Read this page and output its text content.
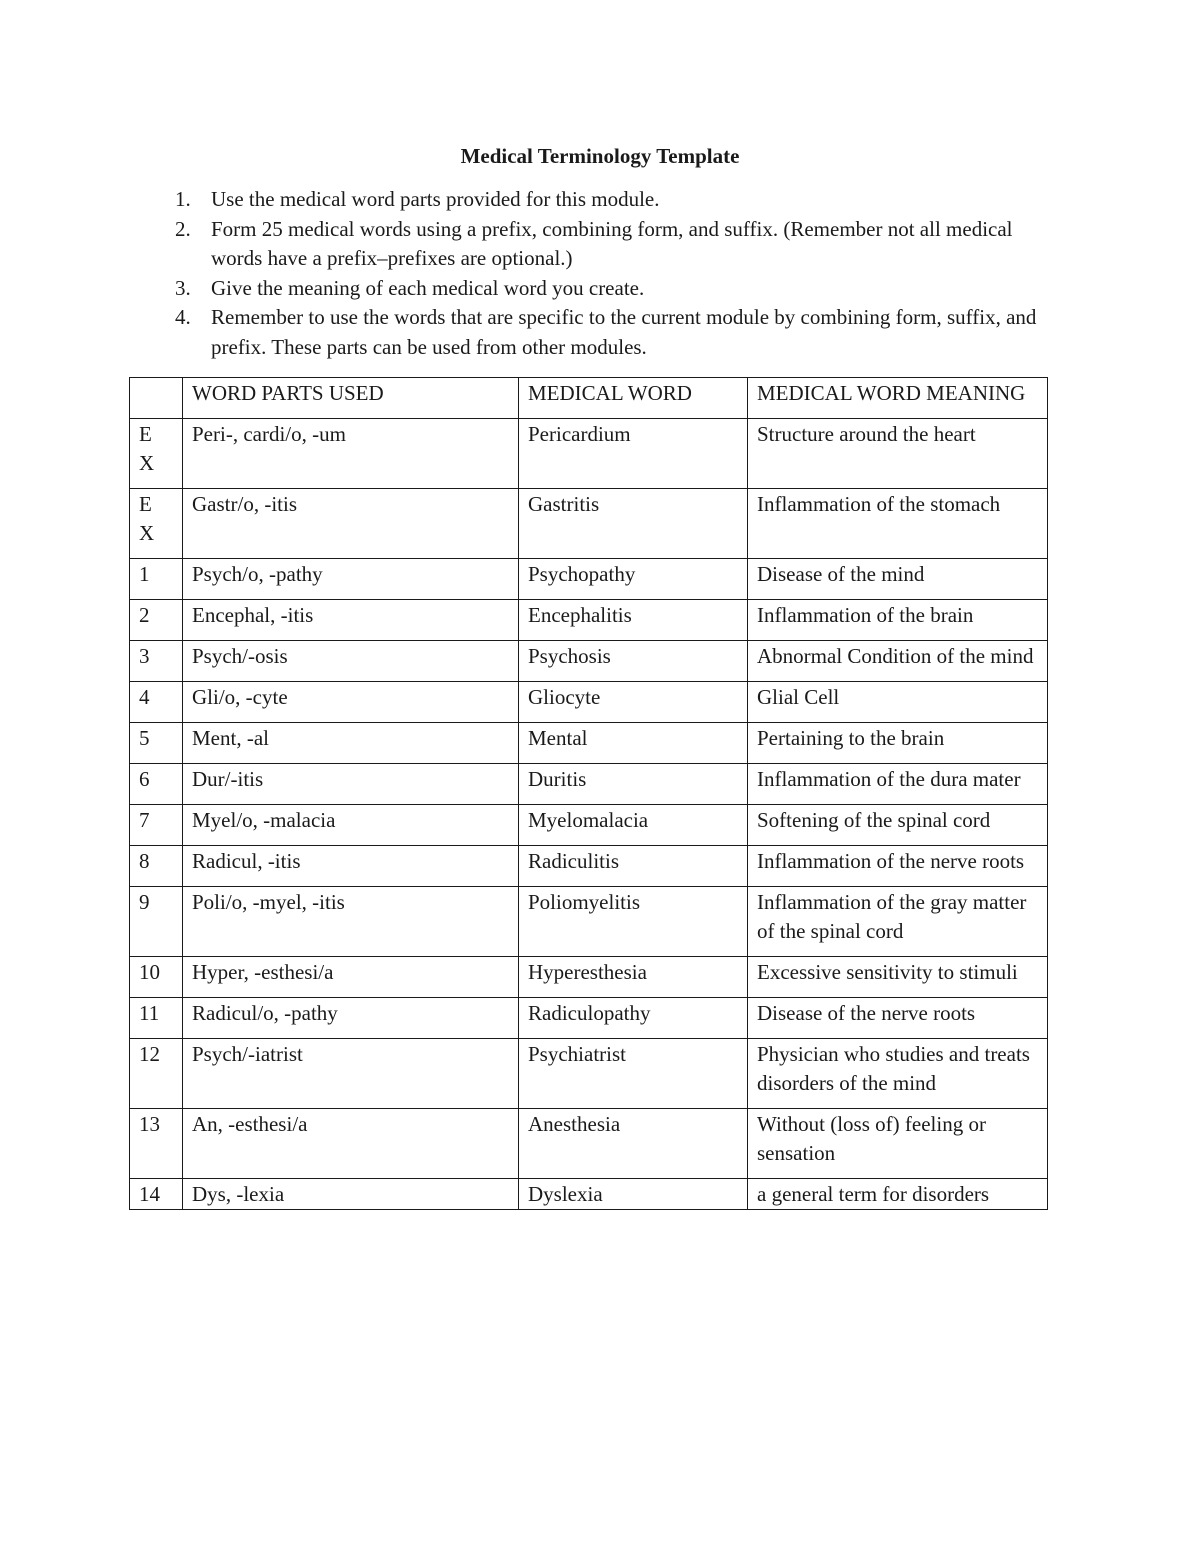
Medical Terminology Template
1. Use the medical word parts provided for this module.
2. Form 25 medical words using a prefix, combining form, and suffix. (Remember not all medical words have a prefix–prefixes are optional.)
3. Give the meaning of each medical word you create.
4. Remember to use the words that are specific to the current module by combining form, suffix, and prefix. These parts can be used from other modules.
	WORD PARTS USED	MEDICAL WORD	MEDICAL WORD MEANING

EX	Peri-, cardi/o, -um	Pericardium	Structure around the heart

EX	Gastr/o, -itis	Gastritis	Inflammation of the stomach
1	Psych/o, -pathy	Psychopathy	Disease of the mind
2	Encephal, -itis	Encephalitis	Inflammation of the brain
3	Psych/-osis	Psychosis	Abnormal Condition of the mind
4	Gli/o, -cyte	Gliocyte	Glial Cell
5	Ment, -al	Mental	Pertaining to the brain
6	Dur/-itis	Duritis	Inflammation of the dura mater
7	Myel/o, -malacia	Myelomalacia	Softening of the spinal cord
8	Radicul, -itis	Radiculitis	Inflammation of the nerve roots
9	Poli/o, -myel, -itis	Poliomyelitis	Inflammation of the gray matter of the spinal cord
10	Hyper, -esthesi/a	Hyperesthesia	Excessive sensitivity to stimuli
11	Radicul/o, -pathy	Radiculopathy	Disease of the nerve roots
12	Psych/-iatrist	Psychiatrist	Physician who studies and treats disorders of the mind
13	An, -esthesi/a	Anesthesia	Without (loss of) feeling or sensation
14	Dys, -lexia	Dyslexia	a general term for disorders
